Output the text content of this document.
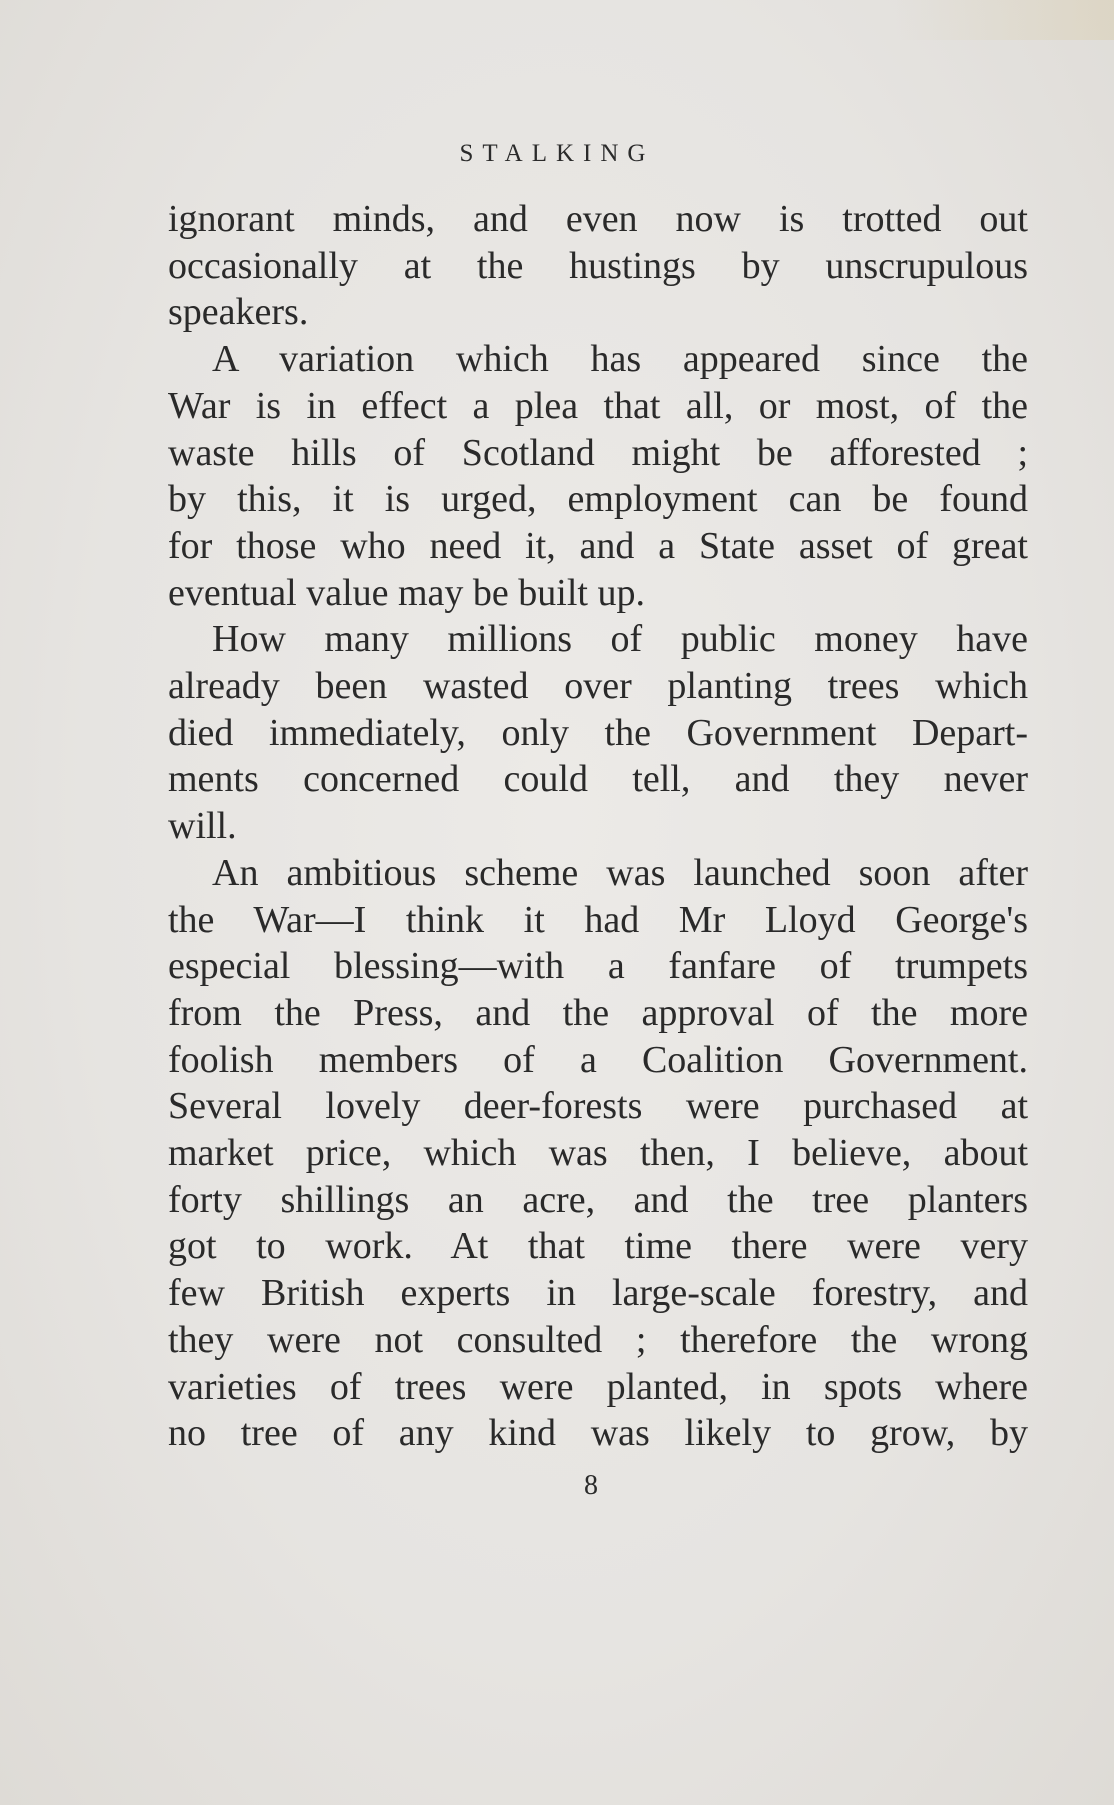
STALKING
ignorant minds, and even now is trotted out
occasionally at the hustings by unscrupulous
speakers.
A variation which has appeared since the
War is in effect a plea that all, or most, of the
waste hills of Scotland might be afforested ;
by this, it is urged, employment can be found
for those who need it, and a State asset of great
eventual value may be built up.
How many millions of public money have
already been wasted over planting trees which
died immediately, only the Government Depart-
ments concerned could tell, and they never
will.
An ambitious scheme was launched soon after
the War—I think it had Mr Lloyd George's
especial blessing—with a fanfare of trumpets
from the Press, and the approval of the more
foolish members of a Coalition Government.
Several lovely deer-forests were purchased at
market price, which was then, I believe, about
forty shillings an acre, and the tree planters
got to work. At that time there were very
few British experts in large-scale forestry, and
they were not consulted ; therefore the wrong
varieties of trees were planted, in spots where
no tree of any kind was likely to grow, by
8
